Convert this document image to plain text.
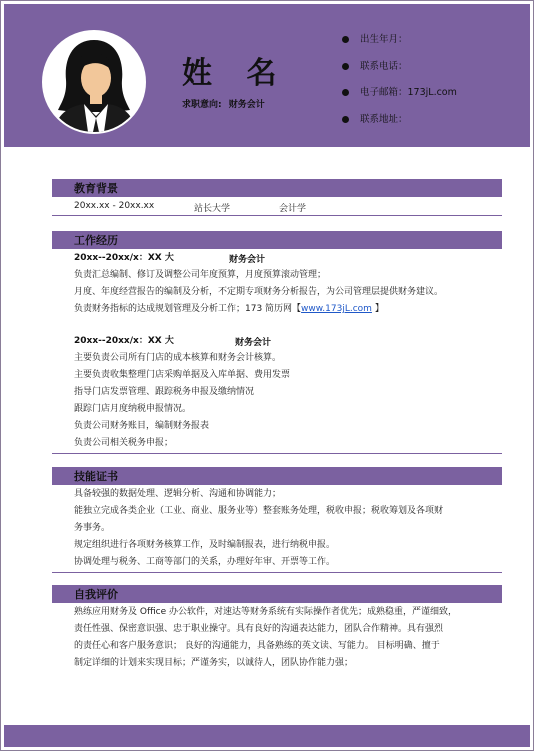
姓 名
求职意向: 财务会计
出生年月：
联系电话：
电子邮箱：173jL.com
联系地址：
教育背景
20xx.xx - 20xx.xx	站长大学	会计学
工作经历
20xx--20xx/x：XX 大	财务会计
负责汇总编制、修订及调整公司年度预算，月度预算滚动管理；
月度、年度经营报告的编制及分析，不定期专项财务分析报告，为公司管理层提供财务建议。
负责财务指标的达成规划管理及分析工作；173 简历网【www.173jL.com 】
20xx--20xx/x：XX 大	财务会计
主要负责公司所有门店的成本核算和财务会计核算。
主要负责收集整理门店采购单据及入库单据、费用发票
指导门店发票管理、跟踪税务申报及缴纳情况
跟踪门店月度纳税申报情况。
负责公司财务账目，编制财务报表
负责公司相关税务申报；
技能证书
具备较强的数据处理、逻辑分析、沟通和协调能力；
能独立完成各类企业（工业、商业、服务业等）整套账务处理，税收申报；税收筹划及各项财
务事务。
规定组织进行各项财务核算工作，及时编制报表，进行纳税申报。
协调处理与税务、工商等部门的关系，办理好年审、开票等工作。
自我评价
熟练应用财务及 Office 办公软件，对速达等财务系统有实际操作者优先；成熟稳重，严谨细致，
责任性强、保密意识强、忠于职业操守。具有良好的沟通表达能力，团队合作精神。具有强烈
的责任心和客户服务意识； 良好的沟通能力，具备熟练的英文读、写能力。 目标明确、擅于
制定详细的计划来实现目标；严谨务实，以诚待人，团队协作能力强；
